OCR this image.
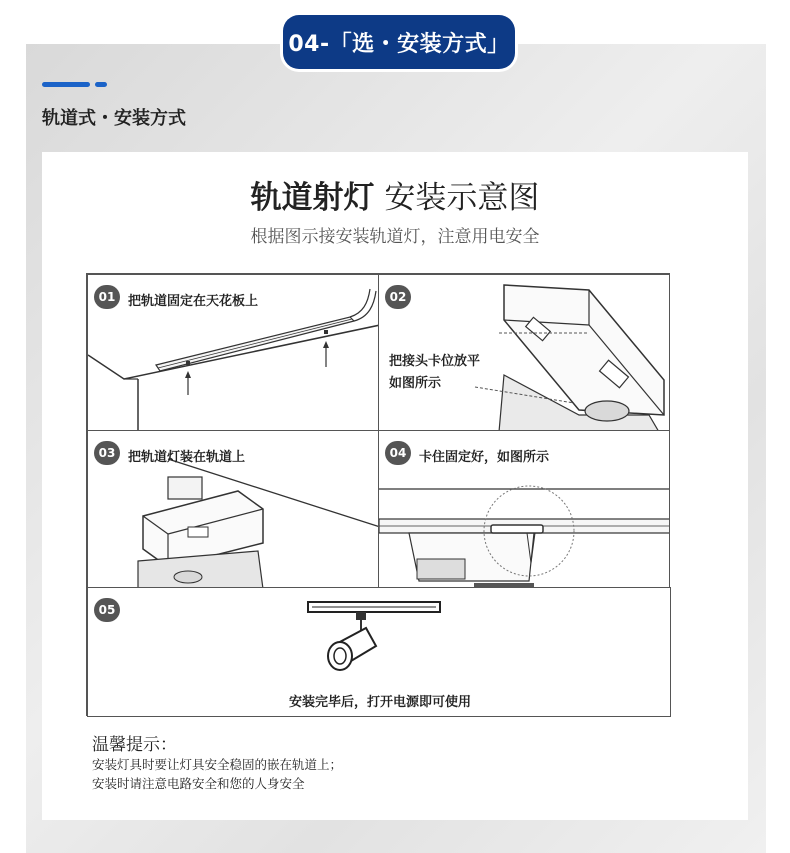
04-「选・安装方式」
轨道式・安装方式
轨道射灯 安装示意图
根据图示接安装轨道灯，注意用电安全
01 把轨道固定在天花板上	02
把接头卡位放平
如图所示
03 把轨道灯装在轨道上	04 卡住固定好，如图所示
05
安装完毕后，打开电源即可使用
温馨提示：
安装灯具时要让灯具安全稳固的嵌在轨道上；
安装时请注意电路安全和您的人身安全
